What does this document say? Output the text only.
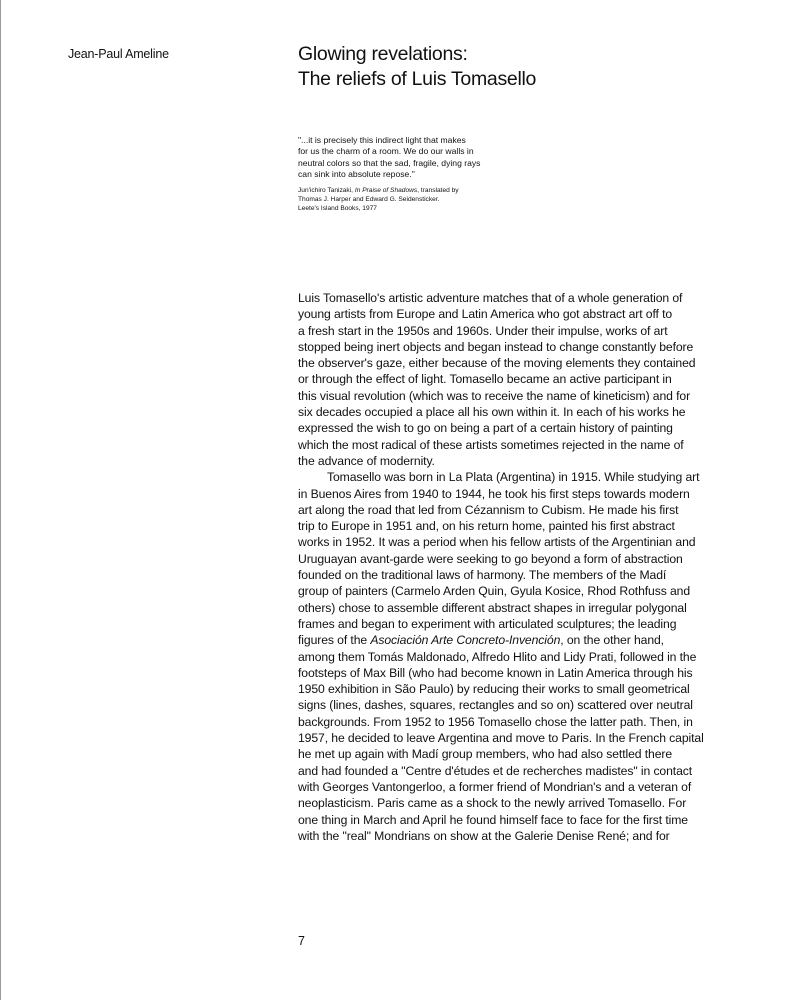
Jean-Paul Ameline	Glowing revelations:
The reliefs of Luis Tomasello
"...it is precisely this indirect light that makes
for us the charm of a room. We do our walls in
neutral colors so that the sad, fragile, dying rays
can sink into absolute repose."
Jun'ichiro Tanizaki, In Praise of Shadows, translated by
Thomas J. Harper and Edward G. Seidensticker.
Leete's Island Books, 1977
Luis Tomasello's artistic adventure matches that of a whole generation of
young artists from Europe and Latin America who got abstract art off to
a fresh start in the 1950s and 1960s. Under their impulse, works of art
stopped being inert objects and began instead to change constantly before
the observer's gaze, either because of the moving elements they contained
or through the effect of light. Tomasello became an active participant in
this visual revolution (which was to receive the name of kineticism) and for
six decades occupied a place all his own within it. In each of his works he
expressed the wish to go on being a part of a certain history of painting
which the most radical of these artists sometimes rejected in the name of
the advance of modernity.
Tomasello was born in La Plata (Argentina) in 1915. While studying art
in Buenos Aires from 1940 to 1944, he took his first steps towards modern
art along the road that led from Cézannism to Cubism. He made his first
trip to Europe in 1951 and, on his return home, painted his first abstract
works in 1952. It was a period when his fellow artists of the Argentinian and
Uruguayan avant-garde were seeking to go beyond a form of abstraction
founded on the traditional laws of harmony. The members of the Madí
group of painters (Carmelo Arden Quin, Gyula Kosice, Rhod Rothfuss and
others) chose to assemble different abstract shapes in irregular polygonal
frames and began to experiment with articulated sculptures; the leading
figures of the Asociación Arte Concreto-Invención, on the other hand,
among them Tomás Maldonado, Alfredo Hlito and Lidy Prati, followed in the
footsteps of Max Bill (who had become known in Latin America through his
1950 exhibition in São Paulo) by reducing their works to small geometrical
signs (lines, dashes, squares, rectangles and so on) scattered over neutral
backgrounds. From 1952 to 1956 Tomasello chose the latter path. Then, in
1957, he decided to leave Argentina and move to Paris. In the French capital
he met up again with Madí group members, who had also settled there
and had founded a "Centre d'études et de recherches madistes" in contact
with Georges Vantongerloo, a former friend of Mondrian's and a veteran of
neoplasticism. Paris came as a shock to the newly arrived Tomasello. For
one thing in March and April he found himself face to face for the first time
with the "real" Mondrians on show at the Galerie Denise René; and for
7
